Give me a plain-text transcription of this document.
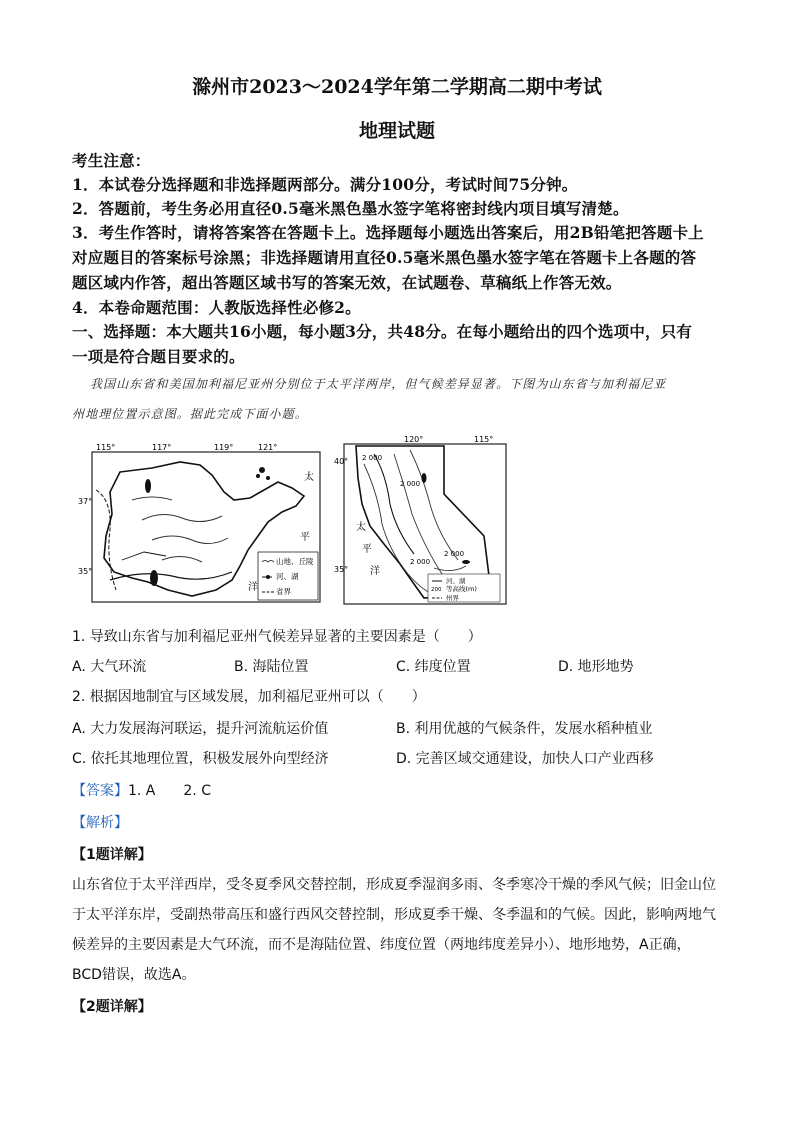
滁州市2023～2024学年第二学期高二期中考试
地理试题
考生注意：
1．本试卷分选择题和非选择题两部分。满分100分，考试时间75分钟。
2．答题前，考生务必用直径0.5毫米黑色墨水签字笔将密封线内项目填写清楚。
3．考生作答时，请将答案答在答题卡上。选择题每小题选出答案后，用2B铅笔把答题卡上
对应题目的答案标号涂黑；非选择题请用直径0.5毫米黑色墨水签字笔在答题卡上各题的答
题区域内作答，超出答题区域书写的答案无效，在试题卷、草稿纸上作答无效。
4．本卷命题范围：人教版选择性必修2。
一、选择题：本大题共16小题，每小题3分，共48分。在每小题给出的四个选项中，只有
一项是符合题目要求的。
我国山东省和美国加利福尼亚州分别位于太平洋两岸，但气候差异显著。下图为山东省与加利福尼亚
州地理位置示意图。据此完成下面小题。
115°	117°	119°	121°
37°
35°
太
平
洋
山地、丘陵
河、湖
省界
2 000
2 000
2 000
2 000
120°	115°
40°
35°
太
平
洋
河、湖
200 等高线(m)
州界
1. 导致山东省与加利福尼亚州气候差异显著的主要因素是（　　）
A. 大气环流	B. 海陆位置	C. 纬度位置	D. 地形地势
2. 根据因地制宜与区域发展，加利福尼亚州可以（　　）
A. 大力发展海河联运，提升河流航运价值	B. 利用优越的气候条件，发展水稻种植业
C. 依托其地理位置，积极发展外向型经济	D. 完善区域交通建设，加快人口产业西移
【答案】1. A　　2. C
【解析】
【1题详解】
山东省位于太平洋西岸，受冬夏季风交替控制，形成夏季湿润多雨、冬季寒冷干燥的季风气候；旧金山位
于太平洋东岸，受副热带高压和盛行西风交替控制，形成夏季干燥、冬季温和的气候。因此，影响两地气
候差异的主要因素是大气环流，而不是海陆位置、纬度位置（两地纬度差异小）、地形地势，A正确，
BCD错误，故选A。
【2题详解】
